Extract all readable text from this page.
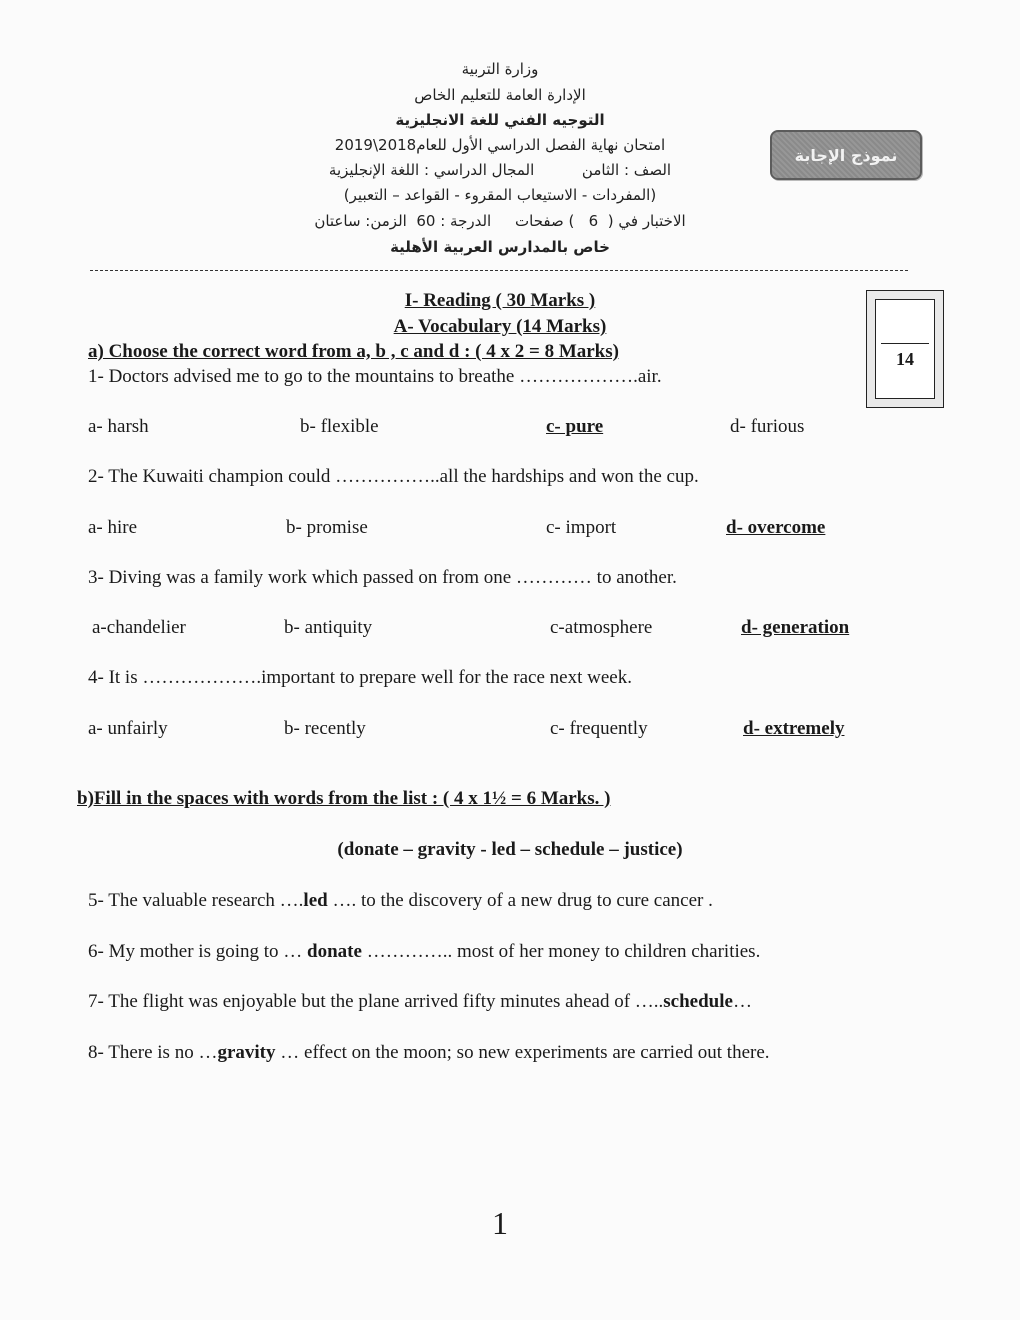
وزارة التربية
الإدارة العامة للتعليم الخاص
التوجيه الفني للغة الانجليزية
امتحان نهاية الفصل الدراسي الأول للعام2018\2019
الصف : الثامن          المجال الدراسي : اللغة الإنجليزية
(المفردات - الاستيعاب المقروء - القواعد – التعبير)
الاختبار في (  6   ) صفحات     الدرجة : 60  الزمن: ساعتان
خاص بالمدارس العربية الأهلية
نموذج الإجابة
14
I- Reading ( 30 Marks )
A- Vocabulary (14 Marks)
a) Choose the correct word from a, b , c and d : ( 4 x 2 = 8 Marks)
1- Doctors advised me to go to the mountains to breathe ……………….air.
a- harsh	b- flexible	c- pure	d- furious
2- The Kuwaiti champion could ……………..all the hardships and won the cup.
a- hire	b- promise	c- import	d- overcome
3- Diving was a family work which passed on from one ………… to another.
a-chandelier	b- antiquity	c-atmosphere	d- generation
4- It is ……………….important to prepare well for the race next week.
a- unfairly	b- recently	c- frequently	d- extremely
b)Fill in the spaces with words from the list : ( 4 x 1½ = 6 Marks. )
(donate – gravity - led – schedule – justice)
5- The valuable research ….led …. to the discovery of a new drug to cure cancer .
6- My mother is going to … donate ………….. most of her money to children charities.
7- The flight was enjoyable but the plane arrived fifty minutes ahead of …..schedule…
8- There is no …gravity … effect on the moon; so new experiments are carried out there.
1
